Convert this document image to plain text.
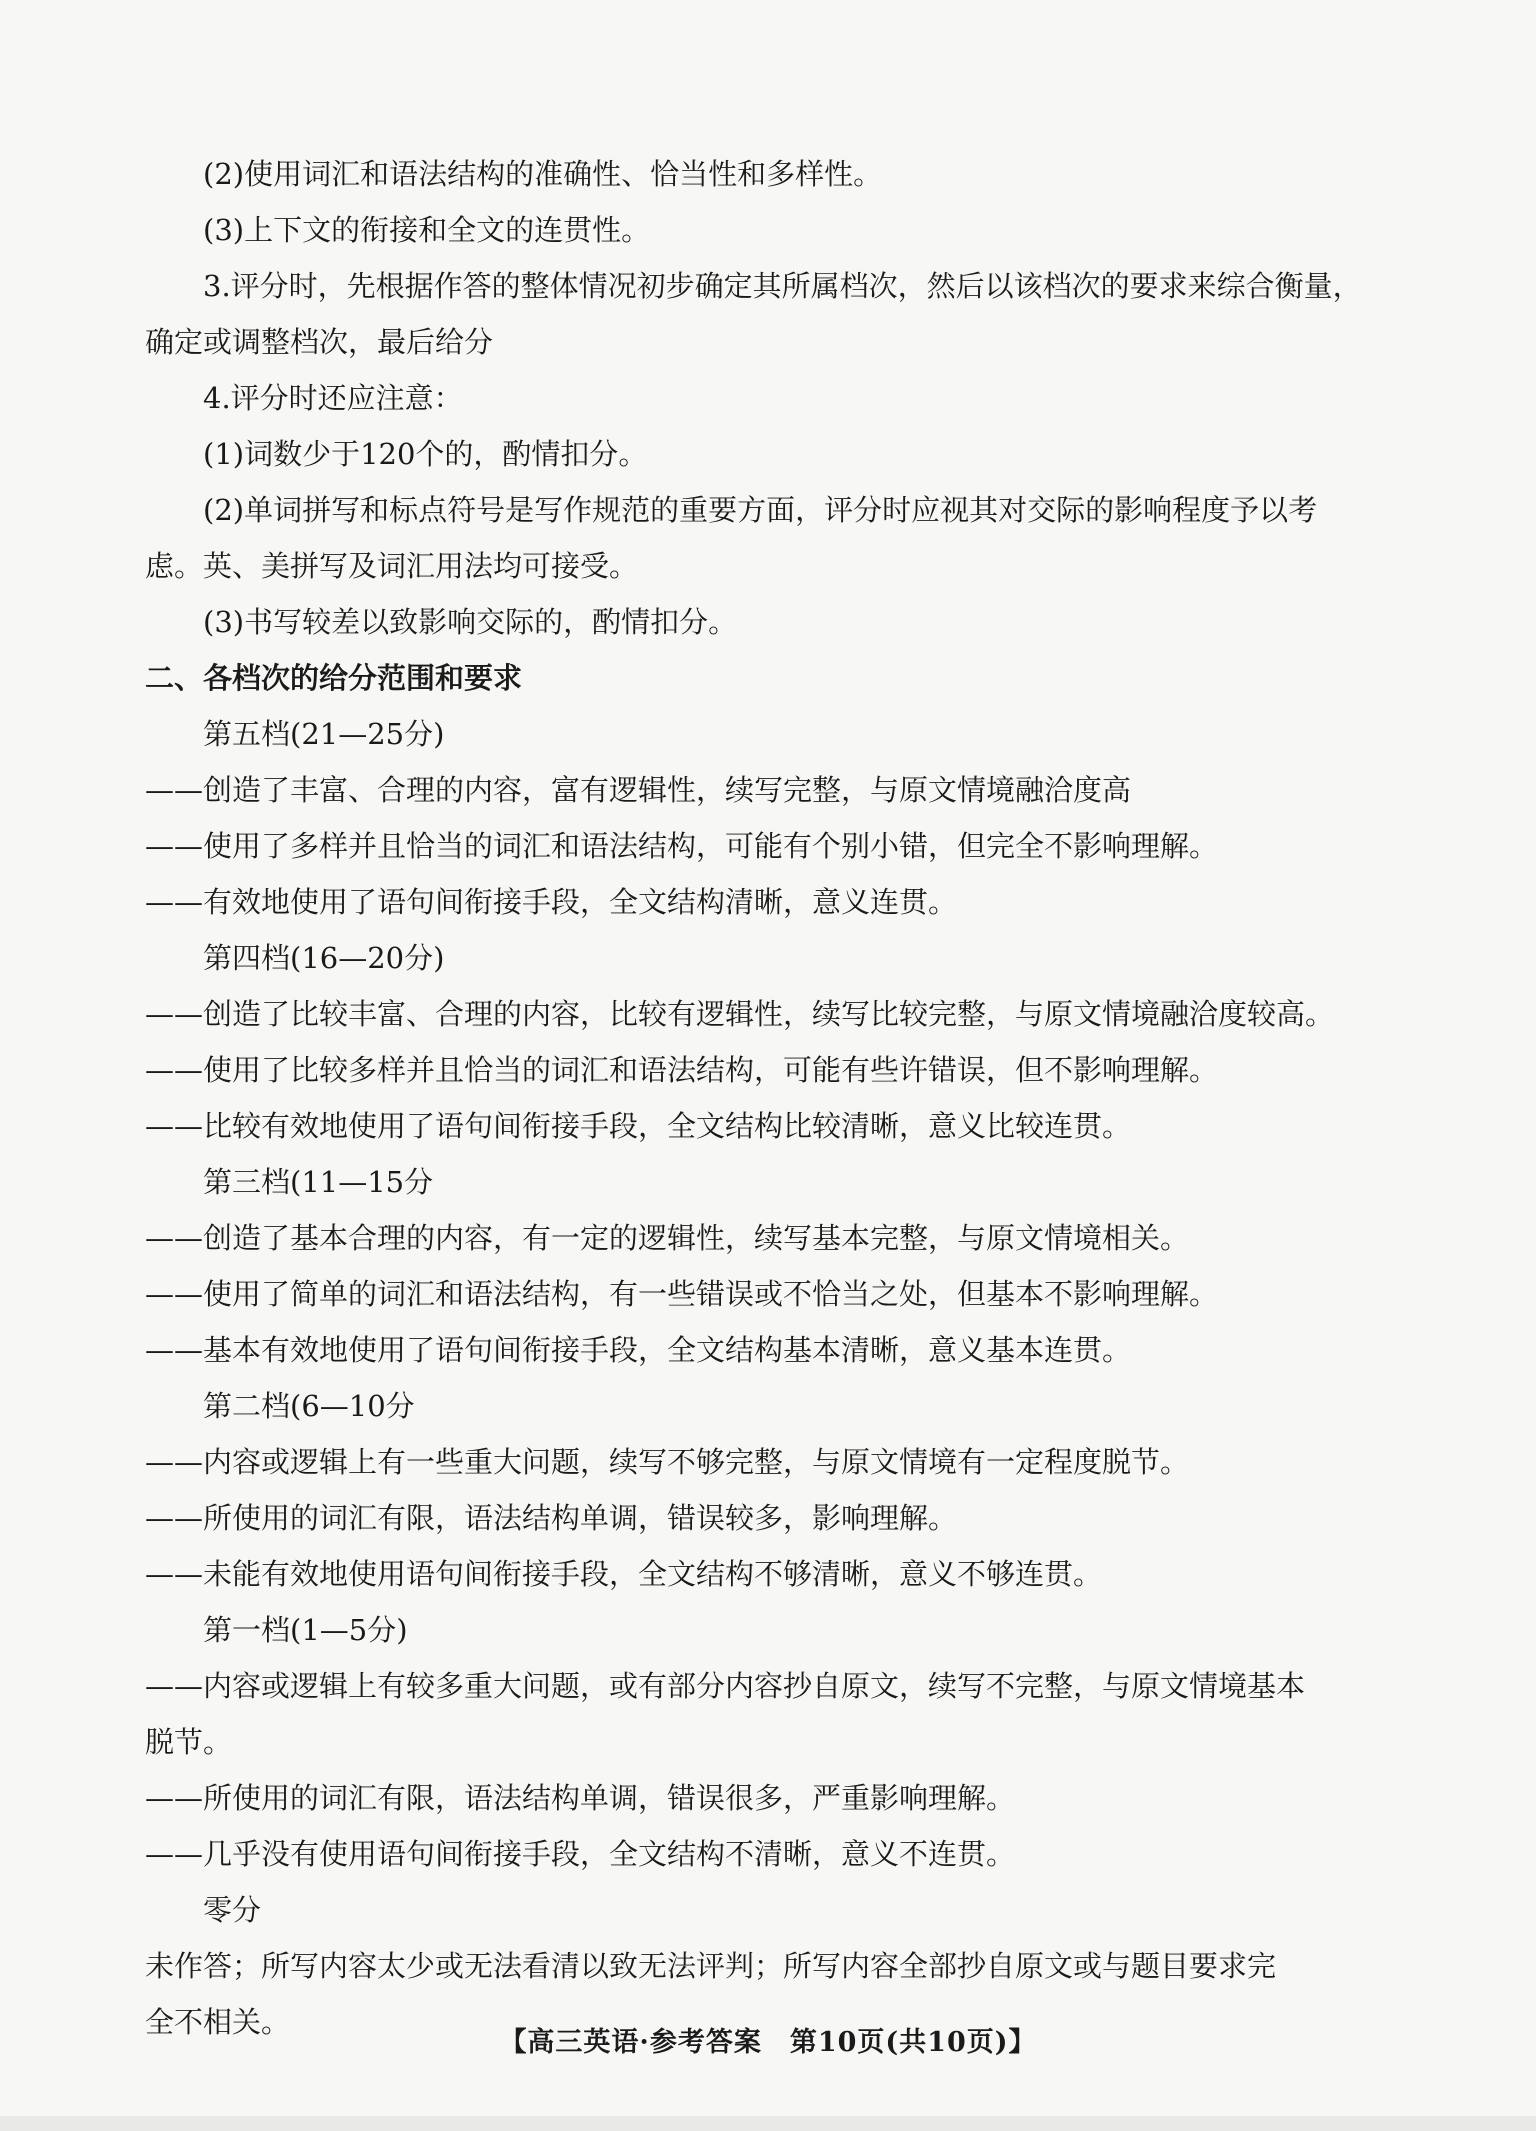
(2)使用词汇和语法结构的准确性、恰当性和多样性。
(3)上下文的衔接和全文的连贯性。
3.评分时，先根据作答的整体情况初步确定其所属档次，然后以该档次的要求来综合衡量，
确定或调整档次，最后给分
4.评分时还应注意：
(1)词数少于120个的，酌情扣分。
(2)单词拼写和标点符号是写作规范的重要方面，评分时应视其对交际的影响程度予以考
虑。英、美拼写及词汇用法均可接受。
(3)书写较差以致影响交际的，酌情扣分。
二、各档次的给分范围和要求
第五档(21—25分)
——创造了丰富、合理的内容，富有逻辑性，续写完整，与原文情境融洽度高
——使用了多样并且恰当的词汇和语法结构，可能有个别小错，但完全不影响理解。
——有效地使用了语句间衔接手段，全文结构清晰，意义连贯。
第四档(16—20分)
——创造了比较丰富、合理的内容，比较有逻辑性，续写比较完整，与原文情境融洽度较高。
——使用了比较多样并且恰当的词汇和语法结构，可能有些许错误，但不影响理解。
——比较有效地使用了语句间衔接手段，全文结构比较清晰，意义比较连贯。
第三档(11—15分
——创造了基本合理的内容，有一定的逻辑性，续写基本完整，与原文情境相关。
——使用了简单的词汇和语法结构，有一些错误或不恰当之处，但基本不影响理解。
——基本有效地使用了语句间衔接手段，全文结构基本清晰，意义基本连贯。
第二档(6—10分
——内容或逻辑上有一些重大问题，续写不够完整，与原文情境有一定程度脱节。
——所使用的词汇有限，语法结构单调，错误较多，影响理解。
——未能有效地使用语句间衔接手段，全文结构不够清晰，意义不够连贯。
第一档(1—5分)
——内容或逻辑上有较多重大问题，或有部分内容抄自原文，续写不完整，与原文情境基本
脱节。
——所使用的词汇有限，语法结构单调，错误很多，严重影响理解。
——几乎没有使用语句间衔接手段，全文结构不清晰，意义不连贯。
零分
未作答；所写内容太少或无法看清以致无法评判；所写内容全部抄自原文或与题目要求完
全不相关。
【高三英语·参考答案　第10页(共10页)】
